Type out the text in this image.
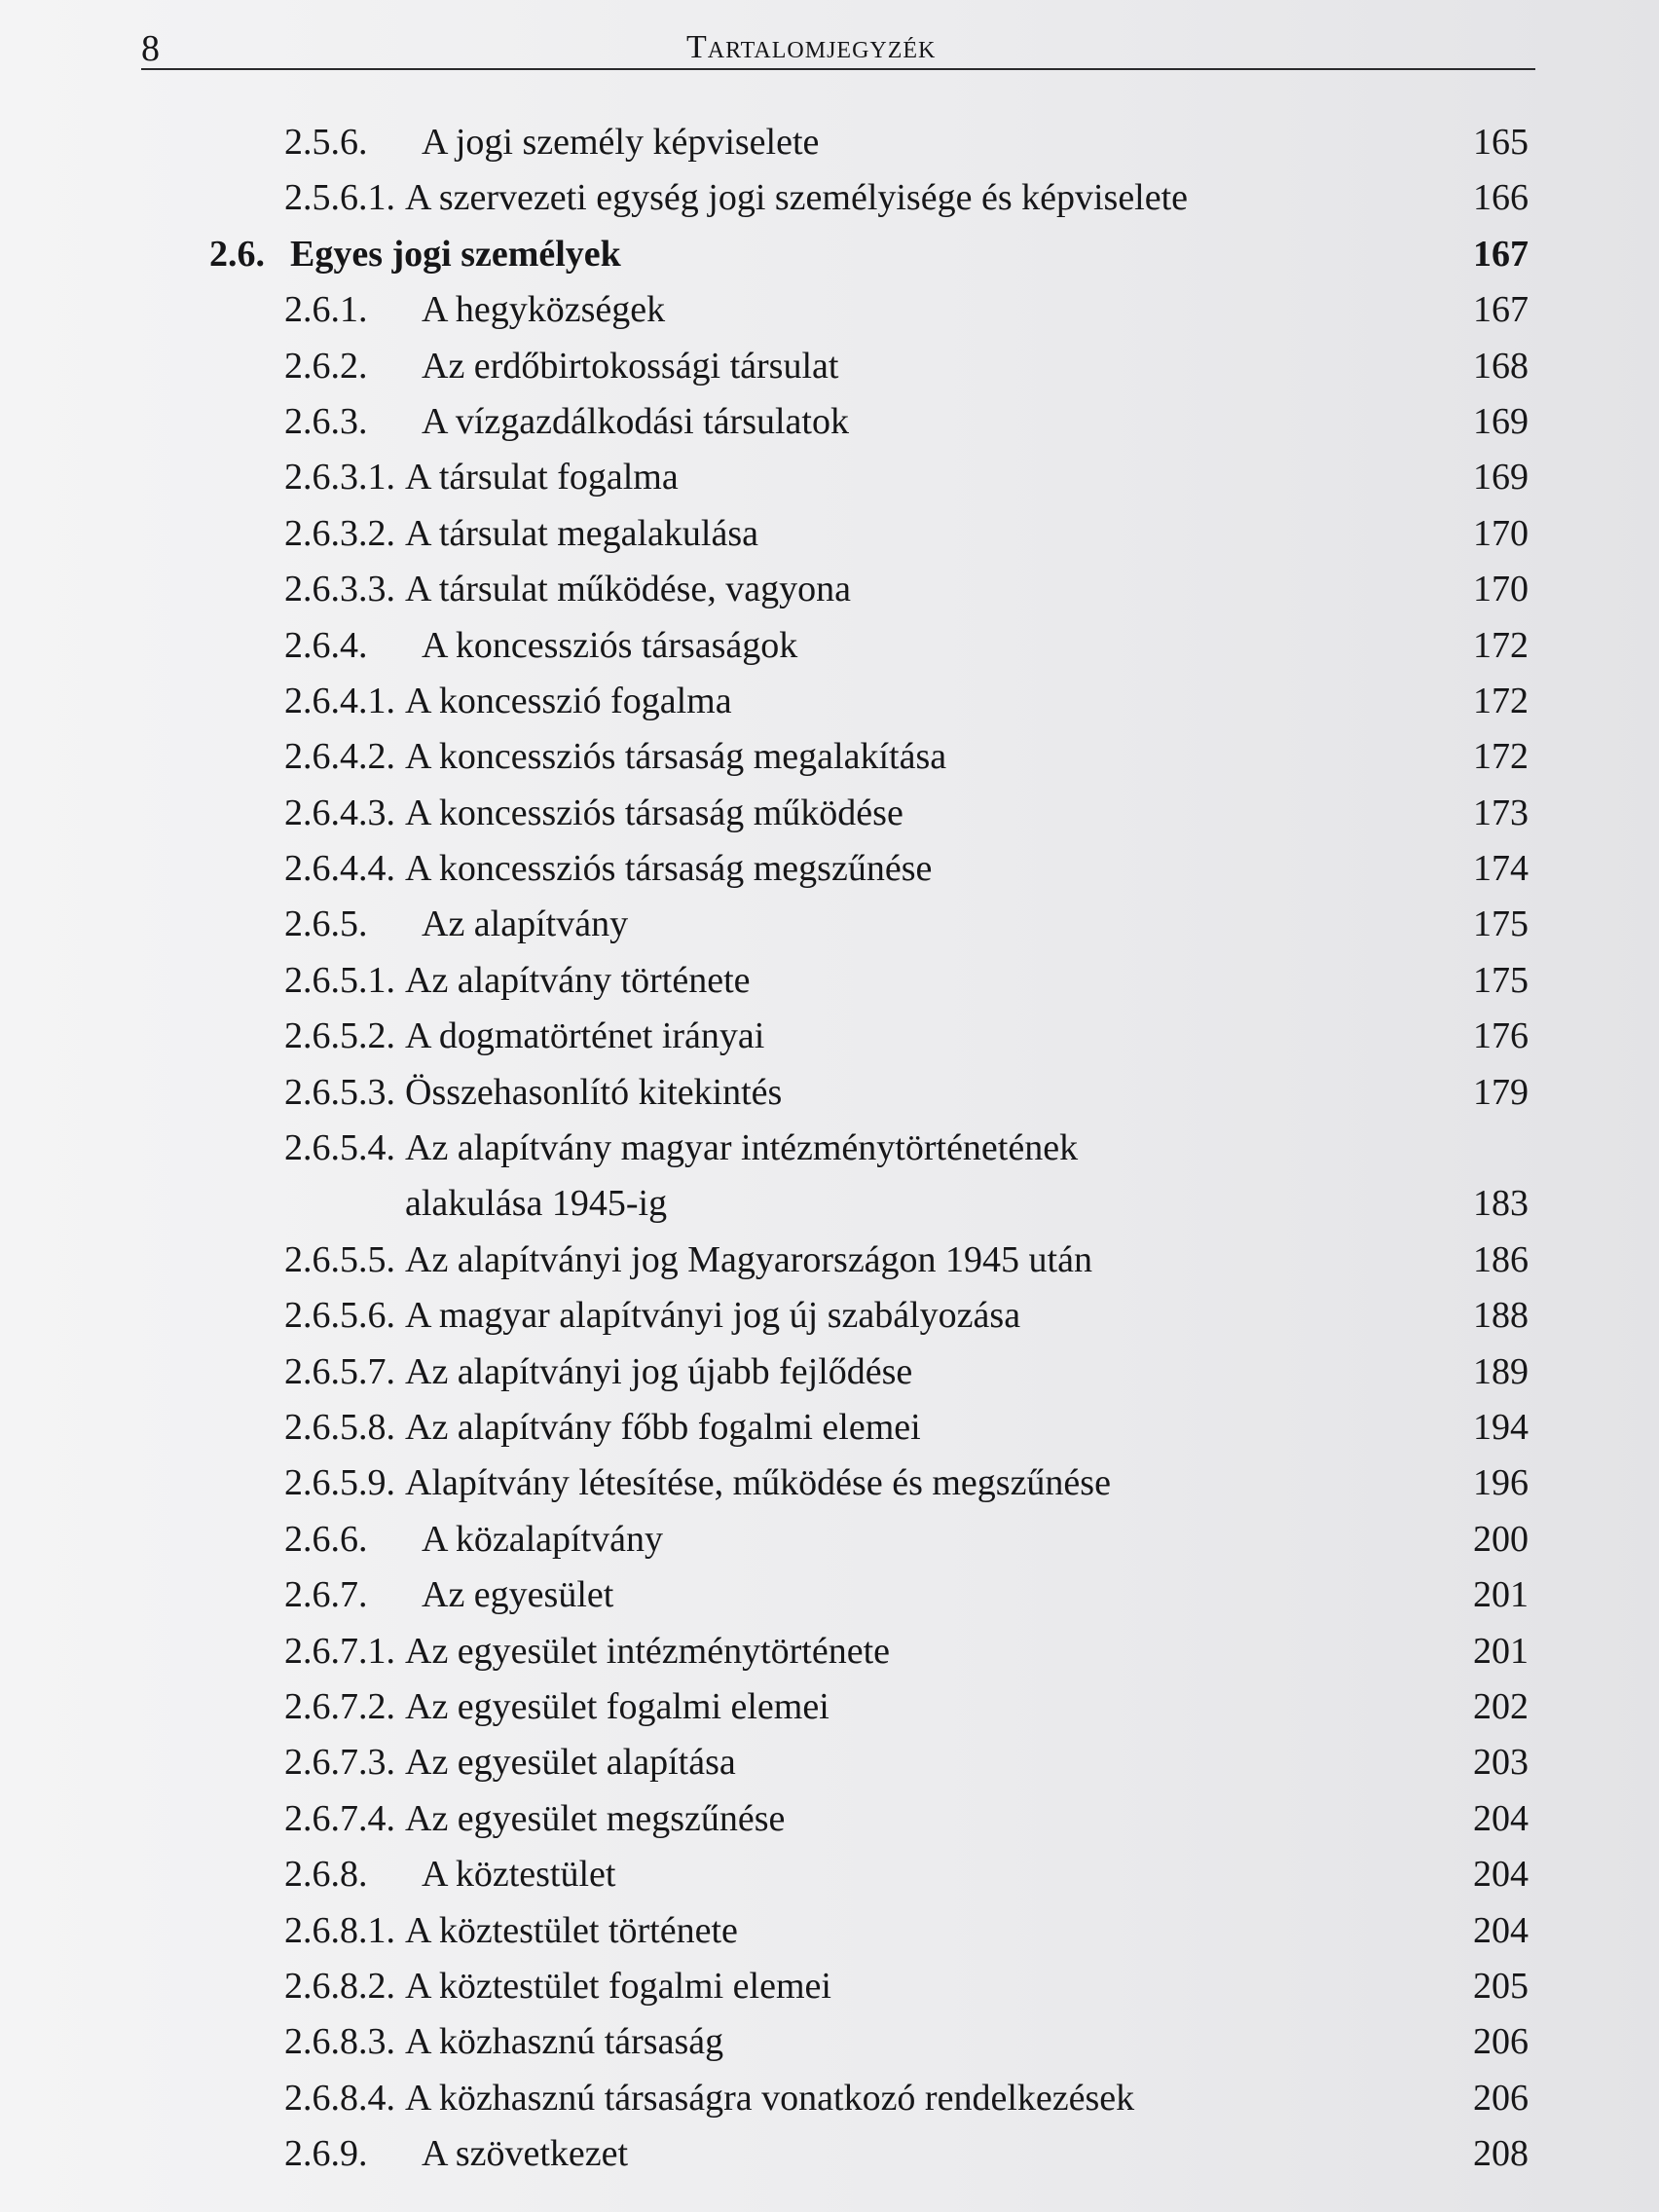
8	Tartalomjegyzék
2.5.6. A jogi személy képviselete	165
2.5.6.1. A szervezeti egység jogi személyisége és képviselete	166
2.6. Egyes jogi személyek	167
2.6.1. A hegyközségek	167
2.6.2. Az erdőbirtokossági társulat	168
2.6.3. A vízgazdálkodási társulatok	169
2.6.3.1. A társulat fogalma	169
2.6.3.2. A társulat megalakulása	170
2.6.3.3. A társulat működése, vagyona	170
2.6.4. A koncessziós társaságok	172
2.6.4.1. A koncesszió fogalma	172
2.6.4.2. A koncessziós társaság megalakítása	172
2.6.4.3. A koncessziós társaság működése	173
2.6.4.4. A koncessziós társaság megszűnése	174
2.6.5. Az alapítvány	175
2.6.5.1. Az alapítvány története	175
2.6.5.2. A dogmatörténet irányai	176
2.6.5.3. Összehasonlító kitekintés	179
2.6.5.4. Az alapítvány magyar intézménytörténetének alakulása 1945-ig	183
2.6.5.5. Az alapítványi jog Magyarországon 1945 után	186
2.6.5.6. A magyar alapítványi jog új szabályozása	188
2.6.5.7. Az alapítványi jog újabb fejlődése	189
2.6.5.8. Az alapítvány főbb fogalmi elemei	194
2.6.5.9. Alapítvány létesítése, működése és megszűnése	196
2.6.6. A közalapítvány	200
2.6.7. Az egyesület	201
2.6.7.1. Az egyesület intézménytörténete	201
2.6.7.2. Az egyesület fogalmi elemei	202
2.6.7.3. Az egyesület alapítása	203
2.6.7.4. Az egyesület megszűnése	204
2.6.8. A köztestület	204
2.6.8.1. A köztestület története	204
2.6.8.2. A köztestület fogalmi elemei	205
2.6.8.3. A közhasznú társaság	206
2.6.8.4. A közhasznú társaságra vonatkozó rendelkezések	206
2.6.9. A szövetkezet	208
